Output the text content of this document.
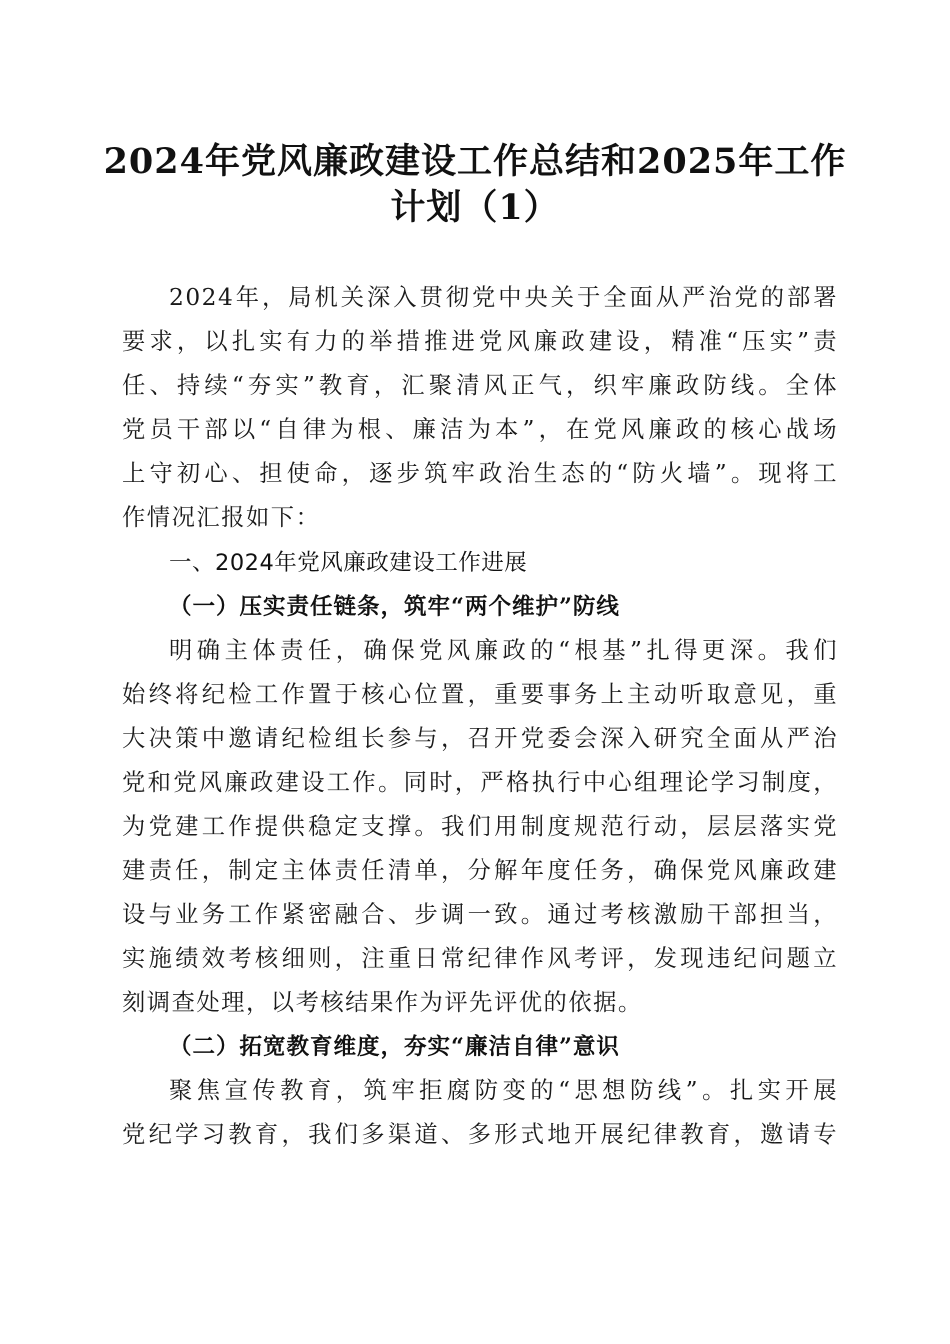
2024年党风廉政建设工作总结和2025年工作
计划（1）
2024年，局机关深入贯彻党中央关于全面从严治党的部署
要求，以扎实有力的举措推进党风廉政建设，精准“压实”责
任、持续“夯实”教育，汇聚清风正气，织牢廉政防线。全体
党员干部以“自律为根、廉洁为本”，在党风廉政的核心战场
上守初心、担使命，逐步筑牢政治生态的“防火墙”。现将工
作情况汇报如下：
一、2024年党风廉政建设工作进展
（一）压实责任链条，筑牢“两个维护”防线
明确主体责任，确保党风廉政的“根基”扎得更深。我们
始终将纪检工作置于核心位置，重要事务上主动听取意见，重
大决策中邀请纪检组长参与，召开党委会深入研究全面从严治
党和党风廉政建设工作。同时，严格执行中心组理论学习制度，
为党建工作提供稳定支撑。我们用制度规范行动，层层落实党
建责任，制定主体责任清单，分解年度任务，确保党风廉政建
设与业务工作紧密融合、步调一致。通过考核激励干部担当，
实施绩效考核细则，注重日常纪律作风考评，发现违纪问题立
刻调查处理，以考核结果作为评先评优的依据。
（二）拓宽教育维度，夯实“廉洁自律”意识
聚焦宣传教育，筑牢拒腐防变的“思想防线”。扎实开展
党纪学习教育，我们多渠道、多形式地开展纪律教育，邀请专
